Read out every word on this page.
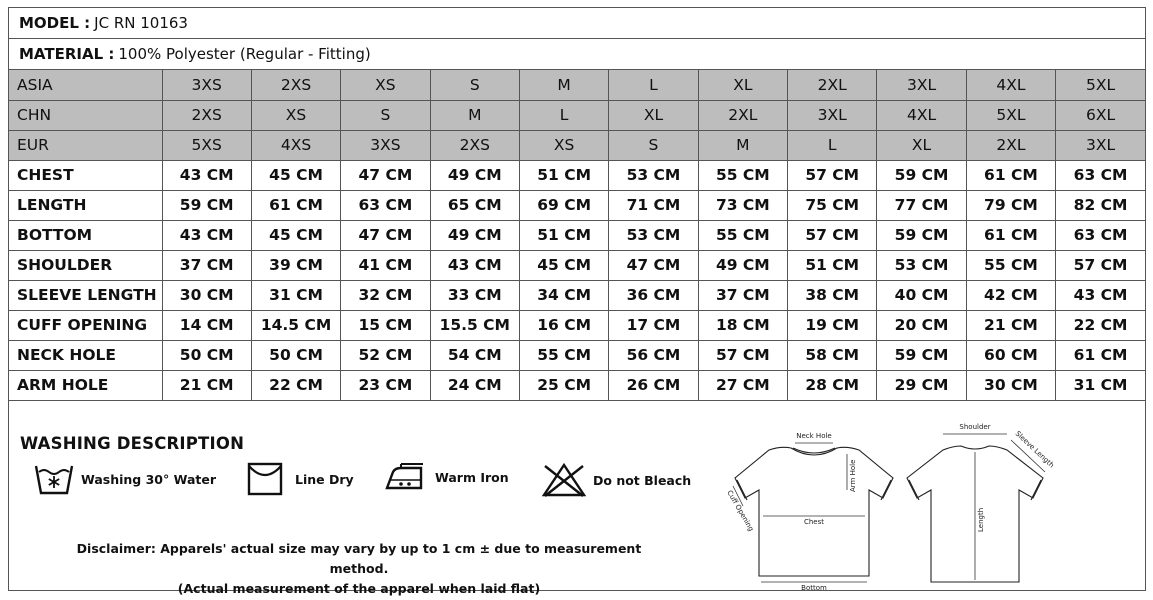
MODEL : JC RN 10163
MATERIAL : 100% Polyester (Regular - Fitting)
ASIA	3XS	2XS	XS	S	M	L	XL	2XL	3XL	4XL	5XL
CHN	2XS	XS	S	M	L	XL	2XL	3XL	4XL	5XL	6XL
EUR	5XS	4XS	3XS	2XS	XS	S	M	L	XL	2XL	3XL
CHEST	43 CM	45 CM	47 CM	49 CM	51 CM	53 CM	55 CM	57 CM	59 CM	61 CM	63 CM
LENGTH	59 CM	61 CM	63 CM	65 CM	69 CM	71 CM	73 CM	75 CM	77 CM	79 CM	82 CM
BOTTOM	43 CM	45 CM	47 CM	49 CM	51 CM	53 CM	55 CM	57 CM	59 CM	61 CM	63 CM
SHOULDER	37 CM	39 CM	41 CM	43 CM	45 CM	47 CM	49 CM	51 CM	53 CM	55 CM	57 CM
SLEEVE LENGTH	30 CM	31 CM	32 CM	33 CM	34 CM	36 CM	37 CM	38 CM	40 CM	42 CM	43 CM
CUFF OPENING	14 CM	14.5 CM	15 CM	15.5 CM	16 CM	17 CM	18 CM	19 CM	20 CM	21 CM	22 CM
NECK HOLE	50 CM	50 CM	52 CM	54 CM	55 CM	56 CM	57 CM	58 CM	59 CM	60 CM	61 CM
ARM HOLE	21 CM	22 CM	23 CM	24 CM	25 CM	26 CM	27 CM	28 CM	29 CM	30 CM	31 CM
WASHING DESCRIPTION
Washing 30° Water	Line Dry	Warm Iron	Do not Bleach
Disclaimer: Apparels' actual size may vary by up to 1 cm ± due to measurement method.
(Actual measurement of the apparel when laid flat)
Neck Hole
Arm Hole
Cuff Opening	Chest
Bottom
Shoulder
Sleeve Length
Length
